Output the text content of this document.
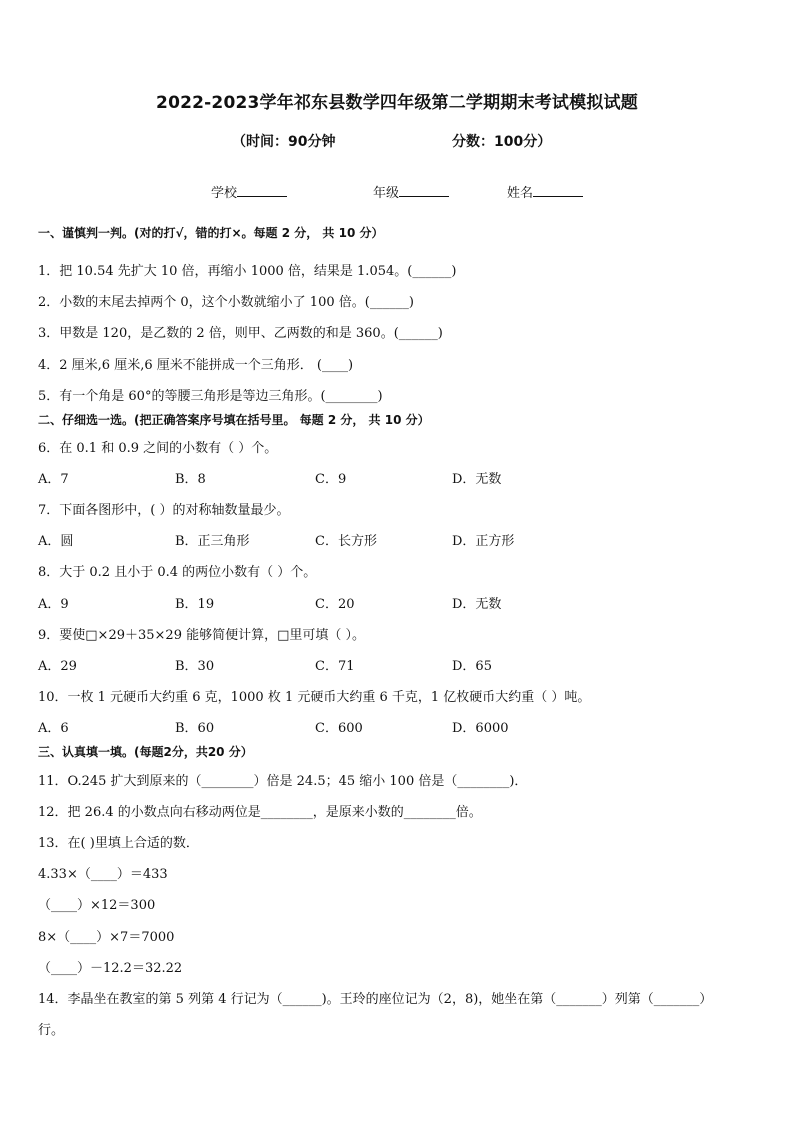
2022-2023学年祁东县数学四年级第二学期期末考试模拟试题
（时间：90分钟	分数：100分）
学校	年级	姓名
一、谨慎判一判。(对的打√，错的打×。每题 2 分， 共 10 分）
1．把 10.54 先扩大 10 倍，再缩小 1000 倍，结果是 1.054。(______)
2．小数的末尾去掉两个 0，这个小数就缩小了 100 倍。(______)
3．甲数是 120，是乙数的 2 倍，则甲、乙两数的和是 360。(______)
4．2 厘米,6 厘米,6 厘米不能拼成一个三角形． (____)
5．有一个角是 60°的等腰三角形是等边三角形。(________)
二、仔细选一选。(把正确答案序号填在括号里。 每题 2 分， 共 10 分）
6．在 0.1 和 0.9 之间的小数有（ ）个。
A．7	B．8	C．9	D．无数
7．下面各图形中，( ）的对称轴数量最少。
A．圆	B．正三角形	C．长方形	D．正方形
8．大于 0.2 且小于 0.4 的两位小数有（ ）个。
A．9	B．19	C．20	D．无数
9．要使□×29＋35×29 能够简便计算，□里可填（ ）。
A．29	B．30	C．71	D．65
10．一枚 1 元硬币大约重 6 克，1000 枚 1 元硬币大约重 6 千克，1 亿枚硬币大约重（ ）吨。
A．6	B．60	C．600	D．6000
三、认真填一填。(每题2分，共20 分）
11．O.245 扩大到原来的（________）倍是 24.5；45 缩小 100 倍是（________)．
12．把 26.4 的小数点向右移动两位是________，是原来小数的________倍。
13．在( )里填上合适的数．
4.33×（____）＝433
（____）×12＝300
8×（____）×7＝7000
（____）－12.2＝32.22
14．李晶坐在教室的第 5 列第 4 行记为（______)。王玲的座位记为（2，8)，她坐在第（_______）列第（_______）
行。
